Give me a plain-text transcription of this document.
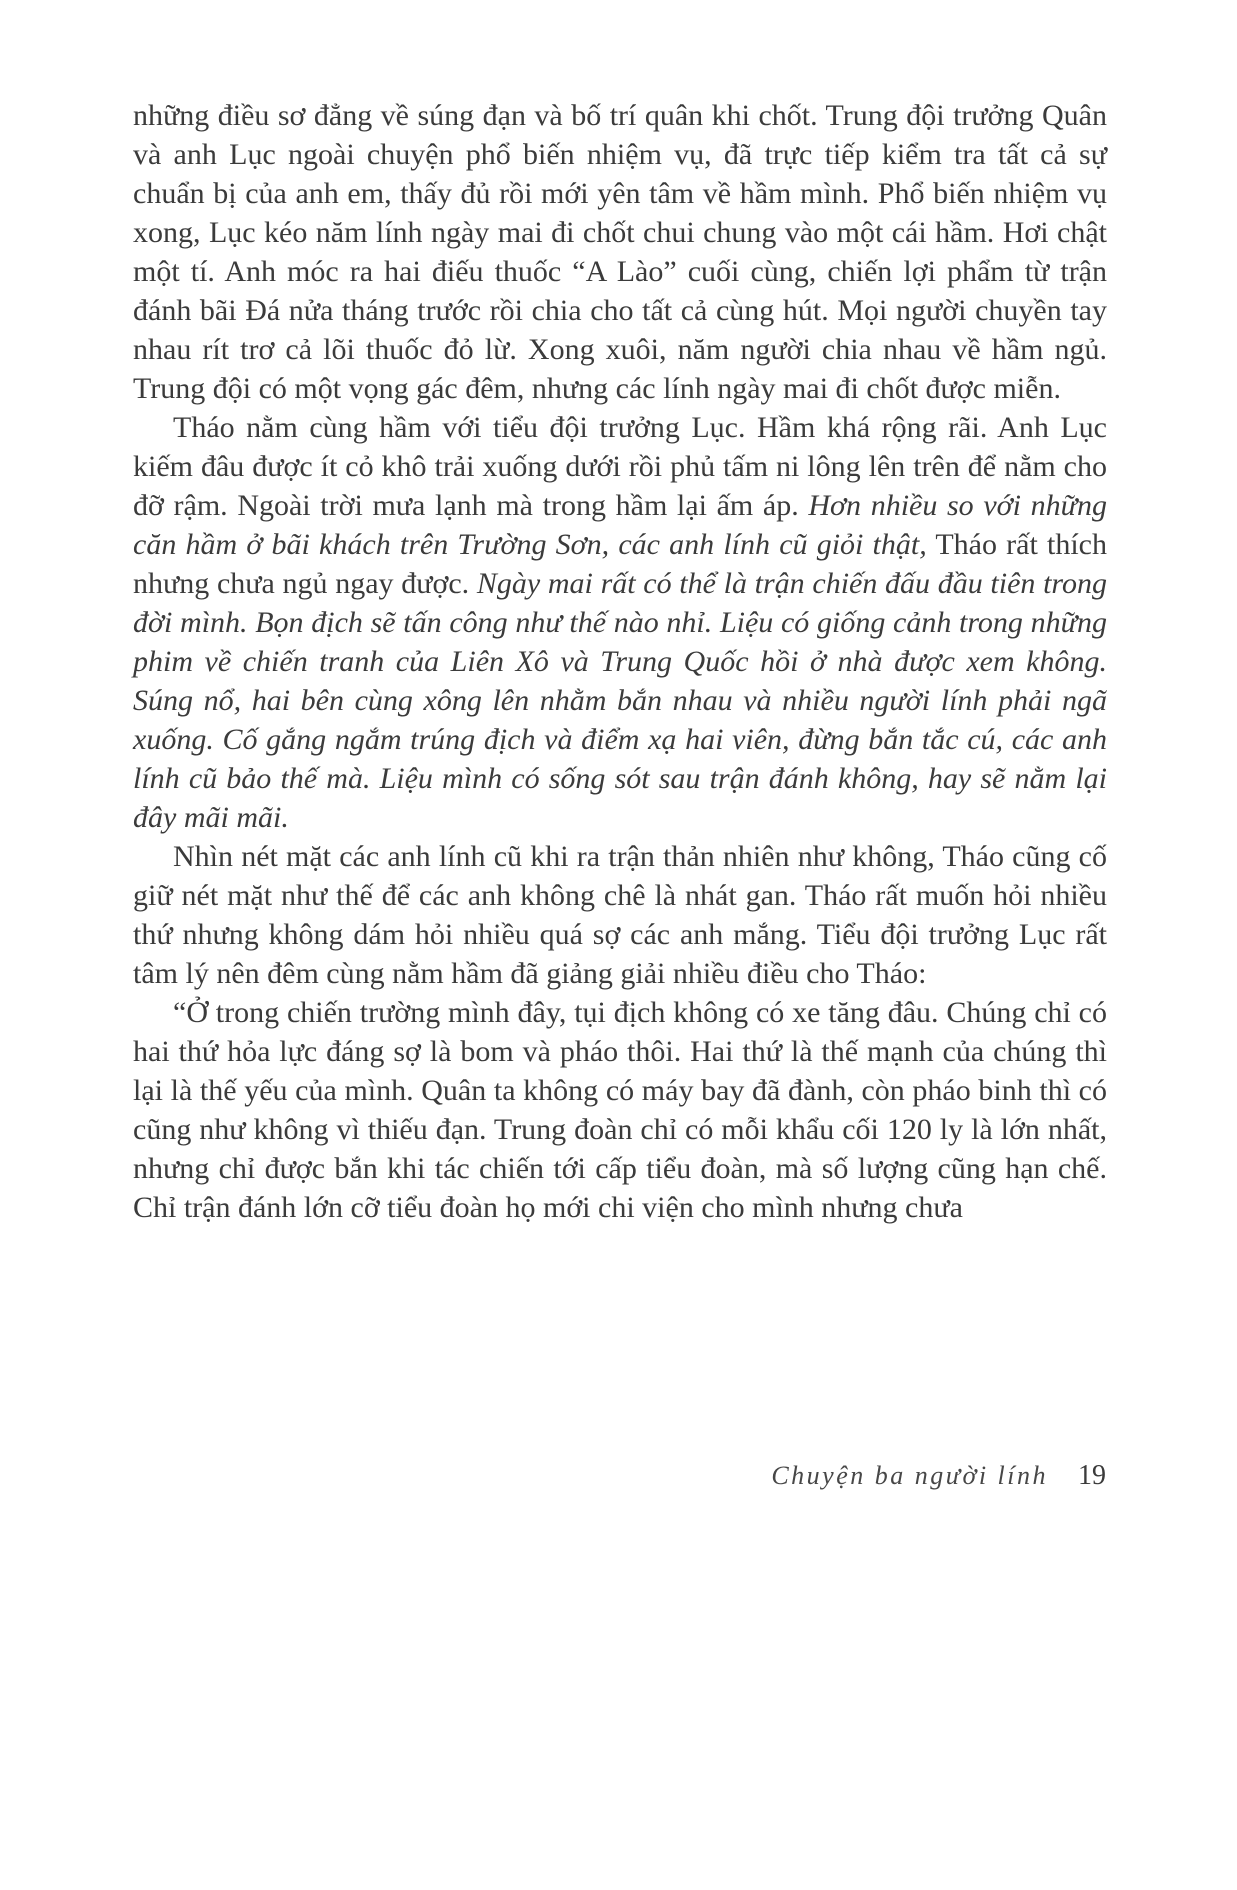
những điều sơ đẳng về súng đạn và bố trí quân khi chốt. Trung đội trưởng Quân và anh Lục ngoài chuyện phổ biến nhiệm vụ, đã trực tiếp kiểm tra tất cả sự chuẩn bị của anh em, thấy đủ rồi mới yên tâm về hầm mình. Phổ biến nhiệm vụ xong, Lục kéo năm lính ngày mai đi chốt chui chung vào một cái hầm. Hơi chật một tí. Anh móc ra hai điếu thuốc “A Lào” cuối cùng, chiến lợi phẩm từ trận đánh bãi Đá nửa tháng trước rồi chia cho tất cả cùng hút. Mọi người chuyền tay nhau rít trơ cả lõi thuốc đỏ lừ. Xong xuôi, năm người chia nhau về hầm ngủ. Trung đội có một vọng gác đêm, nhưng các lính ngày mai đi chốt được miễn.

Tháo nằm cùng hầm với tiểu đội trưởng Lục. Hầm khá rộng rãi. Anh Lục kiếm đâu được ít cỏ khô trải xuống dưới rồi phủ tấm ni lông lên trên để nằm cho đỡ rậm. Ngoài trời mưa lạnh mà trong hầm lại ấm áp. Hơn nhiều so với những căn hầm ở bãi khách trên Trường Sơn, các anh lính cũ giỏi thật, Tháo rất thích nhưng chưa ngủ ngay được. Ngày mai rất có thể là trận chiến đấu đầu tiên trong đời mình. Bọn địch sẽ tấn công như thế nào nhỉ. Liệu có giống cảnh trong những phim về chiến tranh của Liên Xô và Trung Quốc hồi ở nhà được xem không. Súng nổ, hai bên cùng xông lên nhằm bắn nhau và nhiều người lính phải ngã xuống. Cố gắng ngắm trúng địch và điểm xạ hai viên, đừng bắn tắc cú, các anh lính cũ bảo thế mà. Liệu mình có sống sót sau trận đánh không, hay sẽ nằm lại đây mãi mãi.

Nhìn nét mặt các anh lính cũ khi ra trận thản nhiên như không, Tháo cũng cố giữ nét mặt như thế để các anh không chê là nhát gan. Tháo rất muốn hỏi nhiều thứ nhưng không dám hỏi nhiều quá sợ các anh mắng. Tiểu đội trưởng Lục rất tâm lý nên đêm cùng nằm hầm đã giảng giải nhiều điều cho Tháo:

“Ở trong chiến trường mình đây, tụi địch không có xe tăng đâu. Chúng chỉ có hai thứ hỏa lực đáng sợ là bom và pháo thôi. Hai thứ là thế mạnh của chúng thì lại là thế yếu của mình. Quân ta không có máy bay đã đành, còn pháo binh thì có cũng như không vì thiếu đạn. Trung đoàn chỉ có mỗi khẩu cối 120 ly là lớn nhất, nhưng chỉ được bắn khi tác chiến tới cấp tiểu đoàn, mà số lượng cũng hạn chế. Chỉ trận đánh lớn cỡ tiểu đoàn họ mới chi viện cho mình nhưng chưa

Chuyện ba người lính 19
